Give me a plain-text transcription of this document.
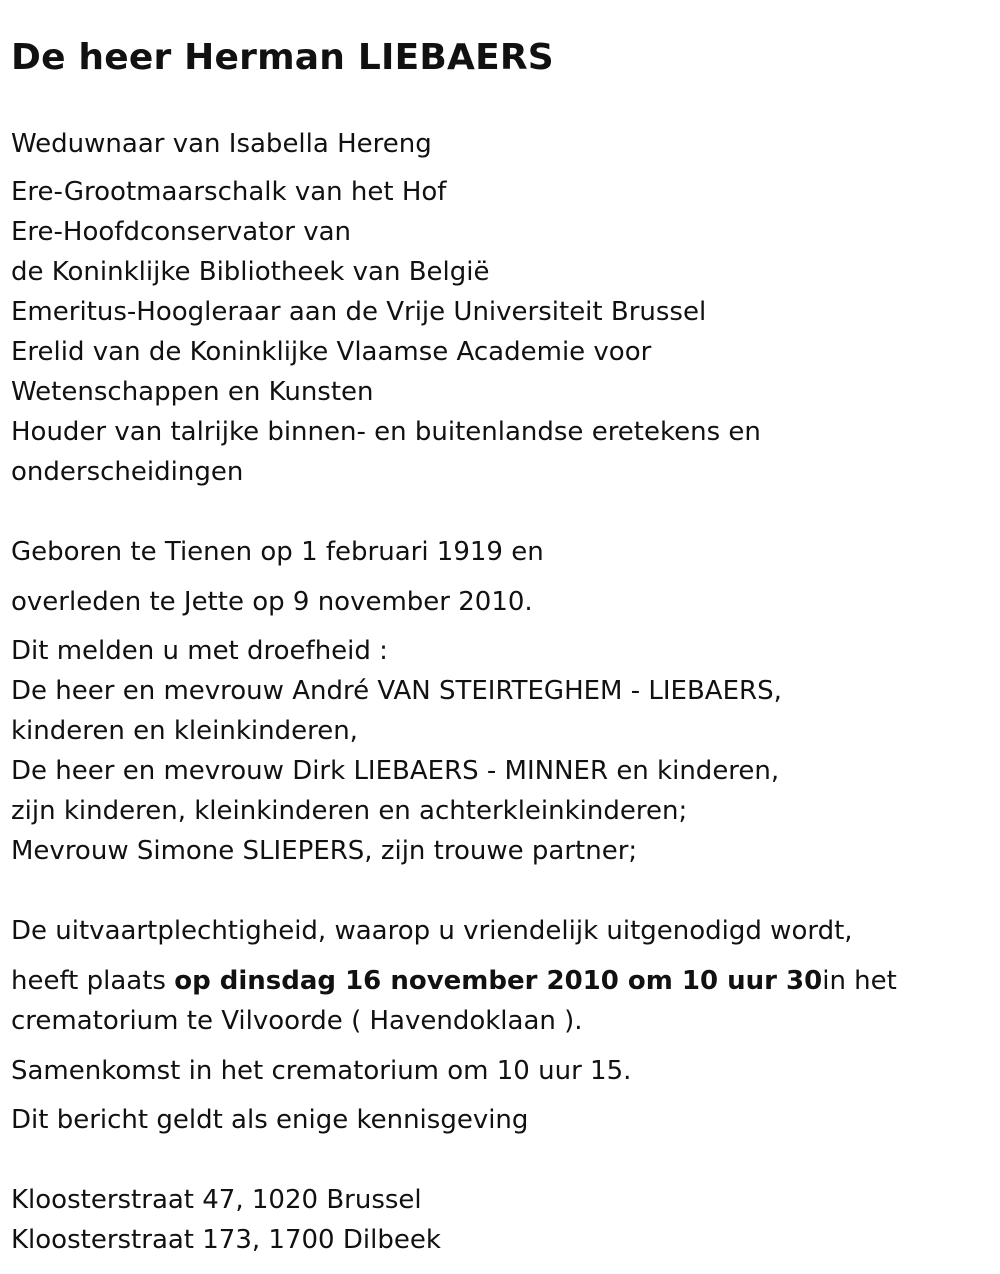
De heer Herman LIEBAERS
Weduwnaar van Isabella Hereng
Ere-Grootmaarschalk van het Hof
Ere-Hoofdconservator van
de Koninklijke Bibliotheek van België
Emeritus-Hoogleraar aan de Vrije Universiteit Brussel
Erelid van de Koninklijke Vlaamse Academie voor
Wetenschappen en Kunsten
Houder van talrijke binnen- en buitenlandse eretekens en
onderscheidingen
Geboren te Tienen op 1 februari 1919 en
overleden te Jette op 9 november 2010.
Dit melden u met droefheid :
De heer en mevrouw André VAN STEIRTEGHEM - LIEBAERS,
kinderen en kleinkinderen,
De heer en mevrouw Dirk LIEBAERS - MINNER en kinderen,
zijn kinderen, kleinkinderen en achterkleinkinderen;
Mevrouw Simone SLIEPERS, zijn trouwe partner;
De uitvaartplechtigheid, waarop u vriendelijk uitgenodigd wordt,
heeft plaats op dinsdag 16 november 2010 om 10 uur 30in het
crematorium te Vilvoorde ( Havendoklaan ).
Samenkomst in het crematorium om 10 uur 15.
Dit bericht geldt als enige kennisgeving
Kloosterstraat 47, 1020 Brussel
Kloosterstraat 173, 1700 Dilbeek
